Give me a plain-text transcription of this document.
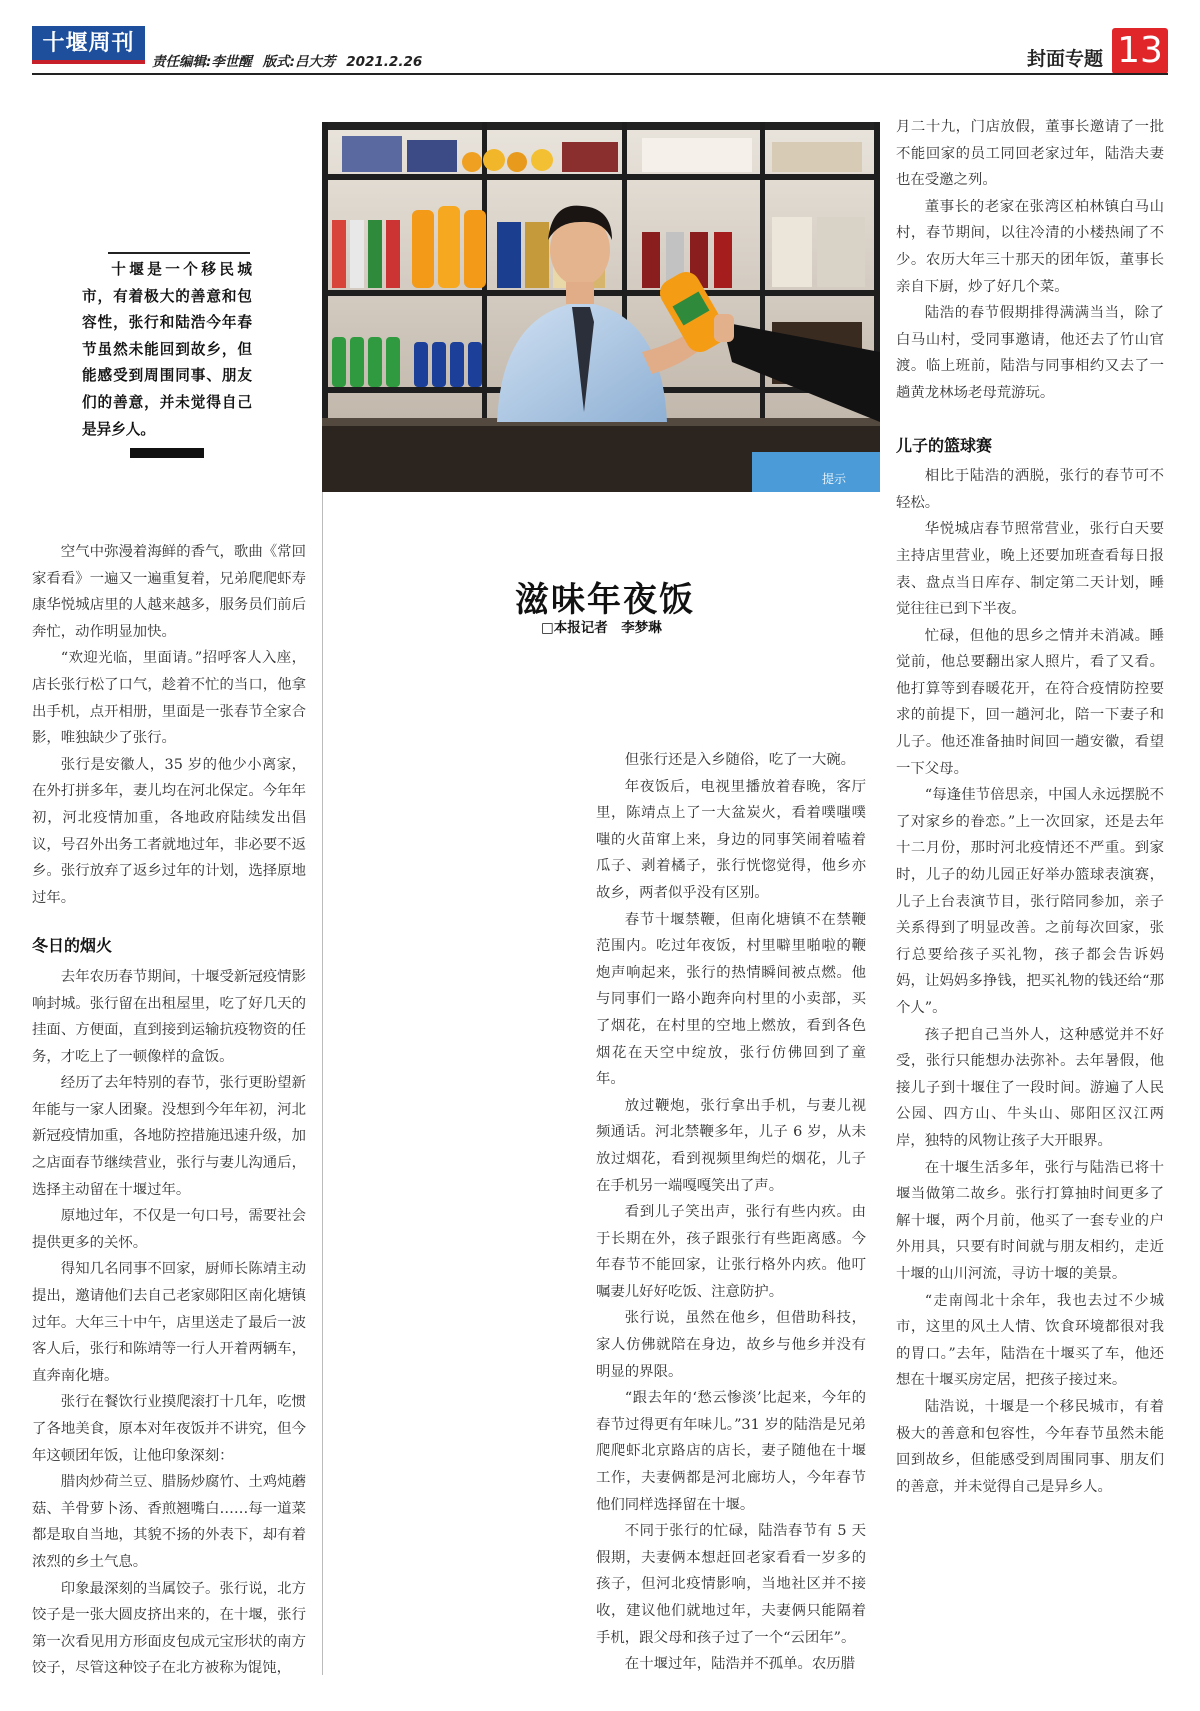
十堰周刊
责任编辑:李世醒 版式:吕大芳 2021.2.26	封面专题 13
十堰是一个移民城市，有着极大的善意和包容性，张行和陆浩今年春节虽然未能回到故乡，但能感受到周围同事、朋友们的善意，并未觉得自己是异乡人。
滋味年夜饭
□本报记者　李梦琳

空气中弥漫着海鲜的香气，歌曲《常回家看看》一遍又一遍重复着，兄弟爬爬虾寿康华悦城店里的人越来越多，服务员们前后奔忙，动作明显加快。

“欢迎光临，里面请。”招呼客人入座，店长张行松了口气，趁着不忙的当口，他拿出手机，点开相册，里面是一张春节全家合影，唯独缺少了张行。

张行是安徽人，35 岁的他少小离家，在外打拼多年，妻儿均在河北保定。今年年初，河北疫情加重，各地政府陆续发出倡议，号召外出务工者就地过年，非必要不返乡。张行放弃了返乡过年的计划，选择原地过年。

冬日的烟火

去年农历春节期间，十堰受新冠疫情影响封城。张行留在出租屋里，吃了好几天的挂面、方便面，直到接到运输抗疫物资的任务，才吃上了一顿像样的盒饭。

经历了去年特别的春节，张行更盼望新年能与一家人团聚。没想到今年年初，河北新冠疫情加重，各地防控措施迅速升级，加之店面春节继续营业，张行与妻儿沟通后，选择主动留在十堰过年。

原地过年，不仅是一句口号，需要社会提供更多的关怀。

得知几名同事不回家，厨师长陈靖主动提出，邀请他们去自己老家郧阳区南化塘镇过年。大年三十中午，店里送走了最后一波客人后，张行和陈靖等一行人开着两辆车，直奔南化塘。

张行在餐饮行业摸爬滚打十几年，吃惯了各地美食，原本对年夜饭并不讲究，但今年这顿团年饭，让他印象深刻：

腊肉炒荷兰豆、腊肠炒腐竹、土鸡炖蘑菇、羊骨萝卜汤、香煎翘嘴白……每一道菜都是取自当地，其貌不扬的外表下，却有着浓烈的乡土气息。

印象最深刻的当属饺子。张行说，北方饺子是一张大圆皮挤出来的，在十堰，张行第一次看见用方形面皮包成元宝形状的南方饺子，尽管这种饺子在北方被称为馄饨，

但张行还是入乡随俗，吃了一大碗。

年夜饭后，电视里播放着春晚，客厅里，陈靖点上了一大盆炭火，看着噗嗤噗嗤的火苗窜上来，身边的同事笑闹着嗑着瓜子、剥着橘子，张行恍惚觉得，他乡亦故乡，两者似乎没有区别。

春节十堰禁鞭，但南化塘镇不在禁鞭范围内。吃过年夜饭，村里噼里啪啦的鞭炮声响起来，张行的热情瞬间被点燃。他与同事们一路小跑奔向村里的小卖部，买了烟花，在村里的空地上燃放，看到各色烟花在天空中绽放，张行仿佛回到了童年。

放过鞭炮，张行拿出手机，与妻儿视频通话。河北禁鞭多年，儿子 6 岁，从未放过烟花，看到视频里绚烂的烟花，儿子在手机另一端嘎嘎笑出了声。

看到儿子笑出声，张行有些内疚。由于长期在外，孩子跟张行有些距离感。今年春节不能回家，让张行格外内疚。他叮嘱妻儿好好吃饭、注意防护。

张行说，虽然在他乡，但借助科技，家人仿佛就陪在身边，故乡与他乡并没有明显的界限。

“跟去年的‘愁云惨淡’比起来，今年的春节过得更有年味儿。”31 岁的陆浩是兄弟爬爬虾北京路店的店长，妻子随他在十堰工作，夫妻俩都是河北廊坊人，今年春节他们同样选择留在十堰。

不同于张行的忙碌，陆浩春节有 5 天假期，夫妻俩本想赶回老家看看一岁多的孩子，但河北疫情影响，当地社区并不接收，建议他们就地过年，夫妻俩只能隔着手机，跟父母和孩子过了一个“云团年”。

在十堰过年，陆浩并不孤单。农历腊

月二十九，门店放假，董事长邀请了一批不能回家的员工同回老家过年，陆浩夫妻也在受邀之列。

董事长的老家在张湾区柏林镇白马山村，春节期间，以往冷清的小楼热闹了不少。农历大年三十那天的团年饭，董事长亲自下厨，炒了好几个菜。

陆浩的春节假期排得满满当当，除了白马山村，受同事邀请，他还去了竹山官渡。临上班前，陆浩与同事相约又去了一趟黄龙林场老母荒游玩。

儿子的篮球赛

相比于陆浩的洒脱，张行的春节可不轻松。

华悦城店春节照常营业，张行白天要主持店里营业，晚上还要加班查看每日报表、盘点当日库存、制定第二天计划，睡觉往往已到下半夜。

忙碌，但他的思乡之情并未消减。睡觉前，他总要翻出家人照片，看了又看。他打算等到春暖花开，在符合疫情防控要求的前提下，回一趟河北，陪一下妻子和儿子。他还准备抽时间回一趟安徽，看望一下父母。

“每逢佳节倍思亲，中国人永远摆脱不了对家乡的眷恋。”上一次回家，还是去年十二月份，那时河北疫情还不严重。到家时，儿子的幼儿园正好举办篮球表演赛，儿子上台表演节目，张行陪同参加，亲子关系得到了明显改善。之前每次回家，张行总要给孩子买礼物，孩子都会告诉妈妈，让妈妈多挣钱，把买礼物的钱还给“那个人”。

孩子把自己当外人，这种感觉并不好受，张行只能想办法弥补。去年暑假，他接儿子到十堰住了一段时间。游遍了人民公园、四方山、牛头山、郧阳区汉江两岸，独特的风物让孩子大开眼界。

在十堰生活多年，张行与陆浩已将十堰当做第二故乡。张行打算抽时间更多了解十堰，两个月前，他买了一套专业的户外用具，只要有时间就与朋友相约，走近十堰的山川河流，寻访十堰的美景。

“走南闯北十余年，我也去过不少城市，这里的风土人情、饮食环境都很对我的胃口。”去年，陆浩在十堰买了车，他还想在十堰买房定居，把孩子接过来。

陆浩说，十堰是一个移民城市，有着极大的善意和包容性，今年春节虽然未能回到故乡，但能感受到周围同事、朋友们的善意，并未觉得自己是异乡人。

提示
